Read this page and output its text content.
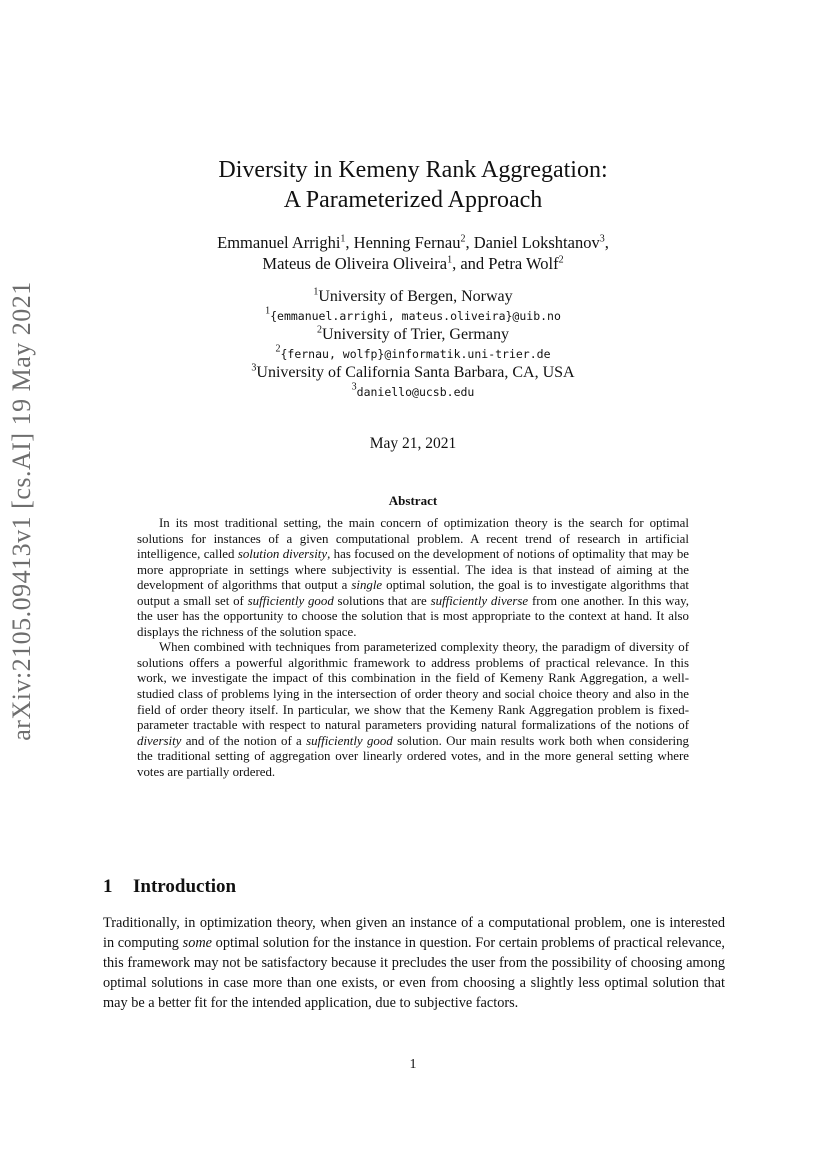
arXiv:2105.09413v1 [cs.AI] 19 May 2021
Diversity in Kemeny Rank Aggregation:
A Parameterized Approach
Emmanuel Arrighi$^1$, Henning Fernau$^2$, Daniel Lokshtanov$^3$,
Mateus de Oliveira Oliveira$^1$, and Petra Wolf$^2$
$^1$University of Bergen, Norway
$^1${emmanuel.arrighi, mateus.oliveira}@uib.no
$^2$University of Trier, Germany
$^2${fernau, wolfp}@informatik.uni-trier.de
$^3$University of California Santa Barbara, CA, USA
$^3$daniello@ucsb.edu
May 21, 2021
Abstract

In its most traditional setting, the main concern of optimization theory is the search for optimal solutions for instances of a given computational problem. A recent trend of research in artificial intelligence, called solution diversity, has focused on the development of notions of optimality that may be more appropriate in settings where subjectivity is essential. The idea is that instead of aiming at the development of algorithms that output a single optimal solution, the goal is to investigate algorithms that output a small set of sufficiently good solutions that are sufficiently diverse from one another. In this way, the user has the opportunity to choose the solution that is most appropriate to the context at hand. It also displays the richness of the solution space.

When combined with techniques from parameterized complexity theory, the paradigm of diversity of solutions offers a powerful algorithmic framework to address problems of practical relevance. In this work, we investigate the impact of this combination in the field of Kemeny Rank Aggregation, a well-studied class of problems lying in the intersection of order theory and social choice theory and also in the field of order theory itself. In particular, we show that the Kemeny Rank Aggregation problem is fixed-parameter tractable with respect to natural parameters providing natural formalizations of the notions of diversity and of the notion of a sufficiently good solution. Our main results work both when considering the traditional setting of aggregation over linearly ordered votes, and in the more general setting where votes are partially ordered.

1 Introduction

Traditionally, in optimization theory, when given an instance of a computational problem, one is interested in computing some optimal solution for the instance in question. For certain problems of practical relevance, this framework may not be satisfactory because it precludes the user from the possibility of choosing among optimal solutions in case more than one exists, or even from choosing a slightly less optimal solution that may be a better fit for the intended application, due to subjective factors.

1
